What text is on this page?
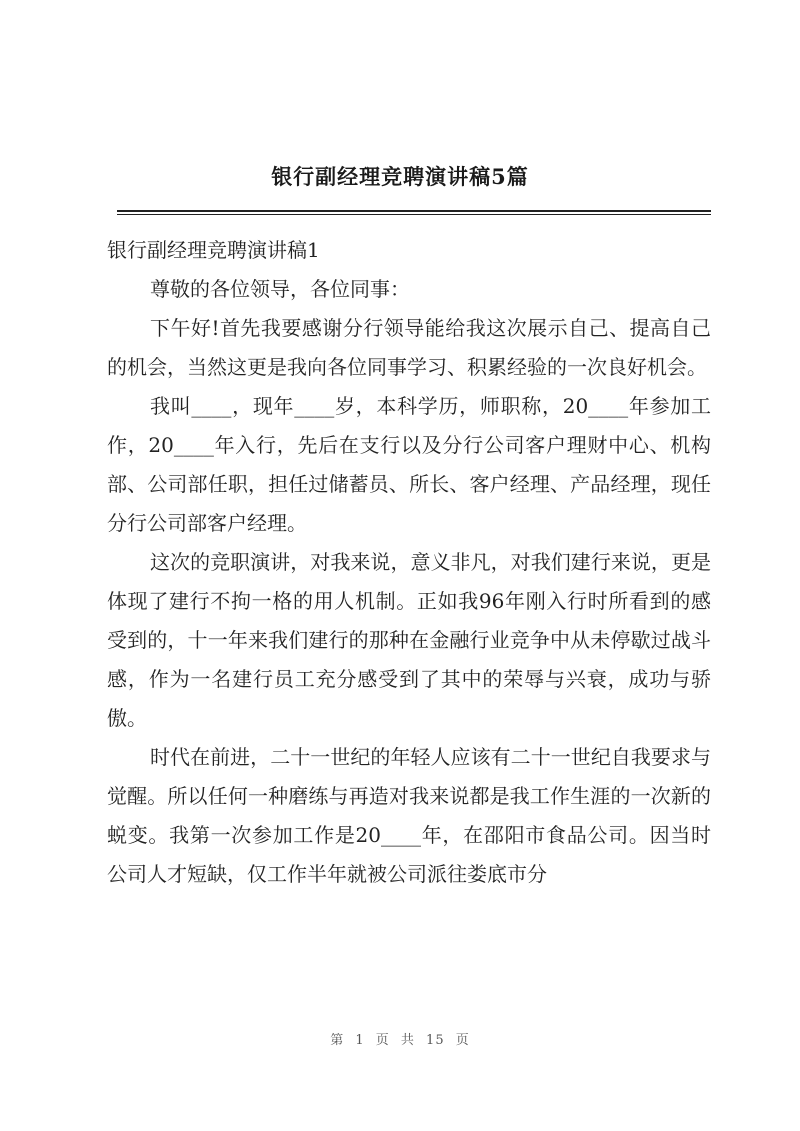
银行副经理竞聘演讲稿5篇

银行副经理竞聘演讲稿1

尊敬的各位领导，各位同事：

下午好!首先我要感谢分行领导能给我这次展示自己、提高自己的机会，当然这更是我向各位同事学习、积累经验的一次良好机会。

我叫____，现年____岁，本科学历，师职称，20____年参加工作，20____年入行，先后在支行以及分行公司客户理财中心、机构部、公司部任职，担任过储蓄员、所长、客户经理、产品经理，现任分行公司部客户经理。

这次的竞职演讲，对我来说，意义非凡，对我们建行来说，更是体现了建行不拘一格的用人机制。正如我96年刚入行时所看到的感受到的，十一年来我们建行的那种在金融行业竞争中从未停歇过战斗感，作为一名建行员工充分感受到了其中的荣辱与兴衰，成功与骄傲。

时代在前进，二十一世纪的年轻人应该有二十一世纪自我要求与觉醒。所以任何一种磨练与再造对我来说都是我工作生涯的一次新的蜕变。我第一次参加工作是20____年，在邵阳市食品公司。因当时公司人才短缺，仅工作半年就被公司派往娄底市分

第 1 页 共 15 页
